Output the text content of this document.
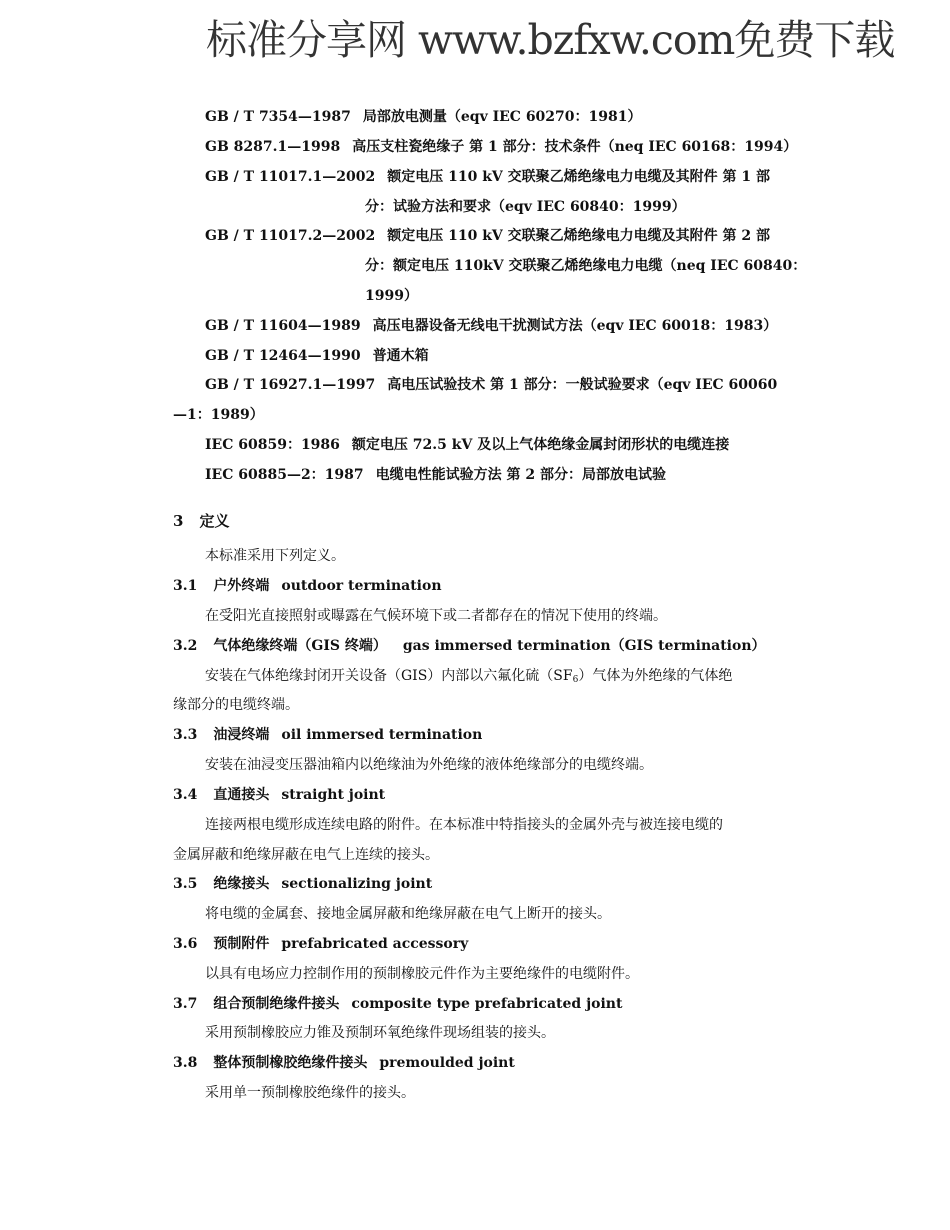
标准分享网 www.bzfxw.com免费下载
GB / T 7354—1987 局部放电测量（eqv IEC 60270：1981）
GB 8287.1—1998 高压支柱瓷绝缘子 第 1 部分：技术条件（neq IEC 60168：1994）
GB / T 11017.1—2002 额定电压 110 kV 交联聚乙烯绝缘电力电缆及其附件 第 1 部
分：试验方法和要求（eqv IEC 60840：1999）
GB / T 11017.2—2002 额定电压 110 kV 交联聚乙烯绝缘电力电缆及其附件 第 2 部
分：额定电压 110kV 交联聚乙烯绝缘电力电缆（neq IEC 60840：
1999）
GB / T 11604—1989 高压电器设备无线电干扰测试方法（eqv IEC 60018：1983）
GB / T 12464—1990 普通木箱
GB / T 16927.1—1997 高电压试验技术 第 1 部分：一般试验要求（eqv IEC 60060
—1：1989）
IEC 60859：1986 额定电压 72.5 kV 及以上气体绝缘金属封闭形状的电缆连接
IEC 60885—2：1987 电缆电性能试验方法 第 2 部分：局部放电试验
3 定义
本标准采用下列定义。
3.1 户外终端 outdoor termination
在受阳光直接照射或曝露在气候环境下或二者都存在的情况下使用的终端。
3.2 气体绝缘终端（GIS 终端） gas immersed termination（GIS termination）
安装在气体绝缘封闭开关设备（GIS）内部以六氟化硫$(SF_6)$气体为外绝缘的气体绝
缘部分的电缆终端。
3.3 油浸终端 oil immersed termination
安装在油浸变压器油箱内以绝缘油为外绝缘的液体绝缘部分的电缆终端。
3.4 直通接头 straight joint
连接两根电缆形成连续电路的附件。在本标准中特指接头的金属外壳与被连接电缆的
金属屏蔽和绝缘屏蔽在电气上连续的接头。
3.5 绝缘接头 sectionalizing joint
将电缆的金属套、接地金属屏蔽和绝缘屏蔽在电气上断开的接头。
3.6 预制附件 prefabricated accessory
以具有电场应力控制作用的预制橡胶元件作为主要绝缘件的电缆附件。
3.7 组合预制绝缘件接头 composite type prefabricated joint
采用预制橡胶应力锥及预制环氧绝缘件现场组装的接头。
3.8 整体预制橡胶绝缘件接头 premoulded joint
采用单一预制橡胶绝缘件的接头。
